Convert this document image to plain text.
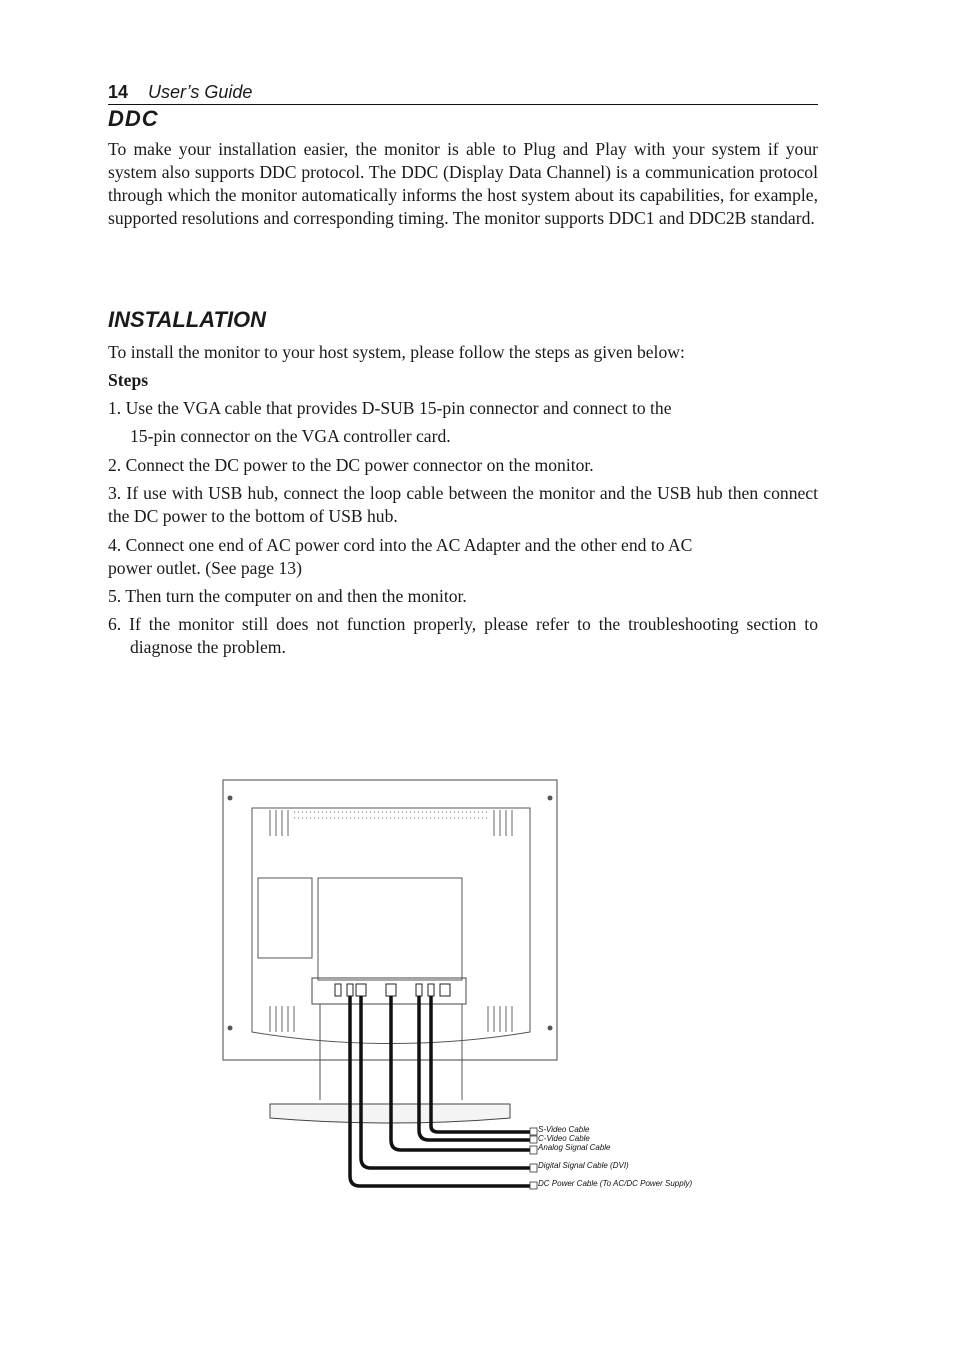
14 User’s Guide
DDC

To make your installation easier, the monitor is able to Plug and Play with your system if your system also supports DDC protocol. The DDC (Display Data Channel) is a communication protocol through which the monitor automatically informs the host system about its capabilities, for example, supported resolutions and corresponding timing. The monitor supports DDC1 and DDC2B standard.

INSTALLATION

To install the monitor to your host system, please follow the steps as given below:

Steps

1. Use the VGA cable that provides D-SUB 15-pin connector and connect to the

15-pin connector on the VGA controller card.

2. Connect the DC power to the DC power connector on the monitor.

3. If use with USB hub, connect the loop cable between the monitor and the USB hub then connect the DC power to the bottom of USB hub.

4. Connect one end of AC power cord into the AC Adapter and the other end to AC
power outlet. (See page 13)

5. Then turn the computer on and then the monitor.

6. If the monitor still does not function properly, please refer to the troubleshooting section to diagnose the problem.

S-Video Cable
C-Video Cable
Analog Signal Cable
Digital Signal Cable (DVI)
DC Power Cable (To AC/DC Power Supply)
